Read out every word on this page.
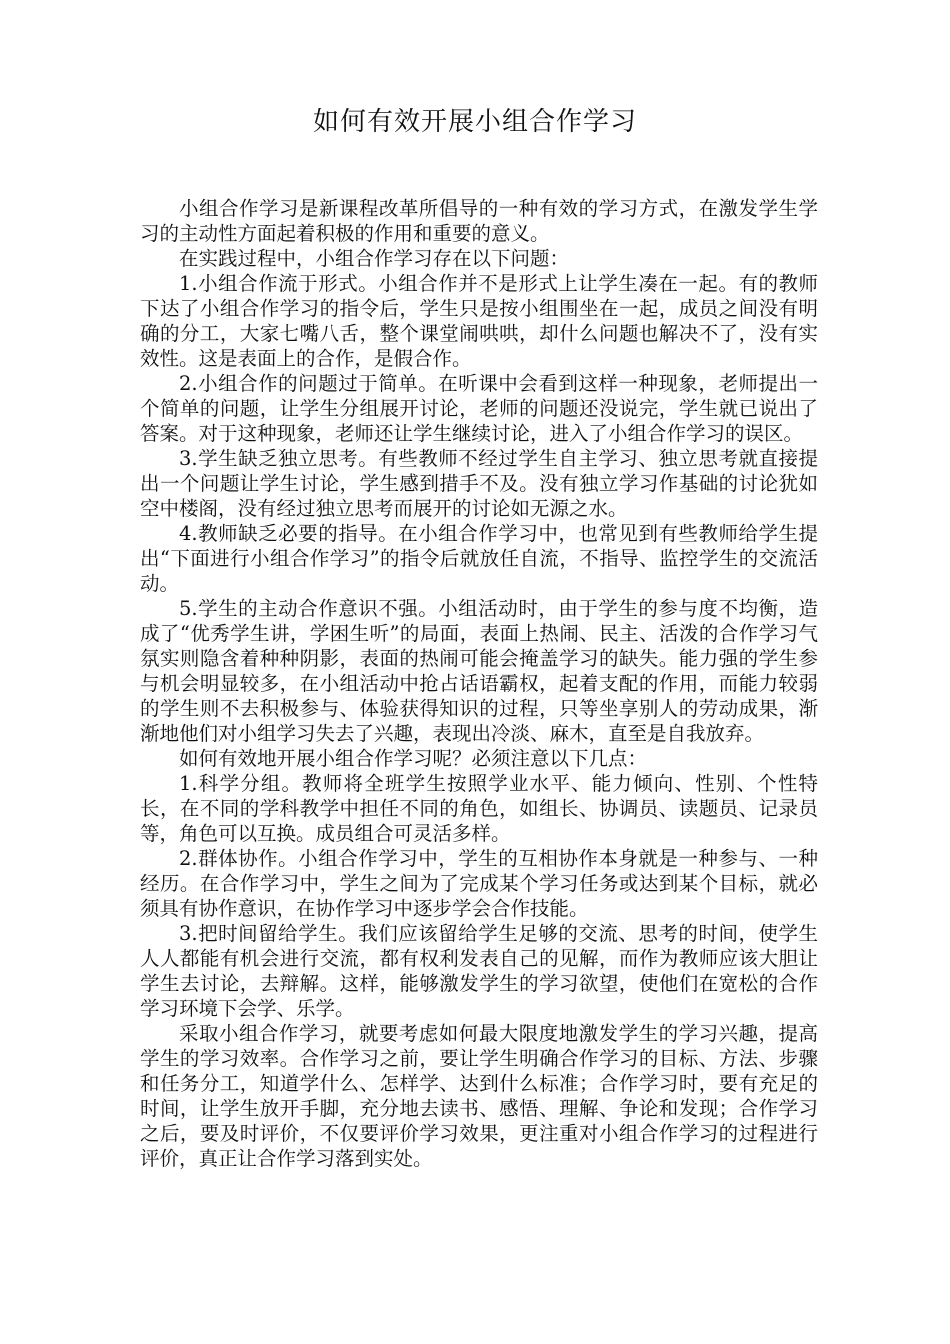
如何有效开展小组合作学习

小组合作学习是新课程改革所倡导的一种有效的学习方式，在激发学生学习的主动性方面起着积极的作用和重要的意义。

在实践过程中，小组合作学习存在以下问题：

1.小组合作流于形式。小组合作并不是形式上让学生凑在一起。有的教师下达了小组合作学习的指令后，学生只是按小组围坐在一起，成员之间没有明确的分工，大家七嘴八舌，整个课堂闹哄哄，却什么问题也解决不了，没有实效性。这是表面上的合作，是假合作。

2.小组合作的问题过于简单。在听课中会看到这样一种现象，老师提出一个简单的问题，让学生分组展开讨论，老师的问题还没说完，学生就已说出了答案。对于这种现象，老师还让学生继续讨论，进入了小组合作学习的误区。

3.学生缺乏独立思考。有些教师不经过学生自主学习、独立思考就直接提出一个问题让学生讨论，学生感到措手不及。没有独立学习作基础的讨论犹如空中楼阁，没有经过独立思考而展开的讨论如无源之水。

4.教师缺乏必要的指导。在小组合作学习中，也常见到有些教师给学生提出“下面进行小组合作学习”的指令后就放任自流，不指导、监控学生的交流活动。

5.学生的主动合作意识不强。小组活动时，由于学生的参与度不均衡，造成了“优秀学生讲，学困生听”的局面，表面上热闹、民主、活泼的合作学习气氛实则隐含着种种阴影，表面的热闹可能会掩盖学习的缺失。能力强的学生参与机会明显较多，在小组活动中抢占话语霸权，起着支配的作用，而能力较弱的学生则不去积极参与、体验获得知识的过程，只等坐享别人的劳动成果，渐渐地他们对小组学习失去了兴趣，表现出冷淡、麻木，直至是自我放弃。

如何有效地开展小组合作学习呢？必须注意以下几点：

1.科学分组。教师将全班学生按照学业水平、能力倾向、性别、个性特长，在不同的学科教学中担任不同的角色，如组长、协调员、读题员、记录员等，角色可以互换。成员组合可灵活多样。

2.群体协作。小组合作学习中，学生的互相协作本身就是一种参与、一种经历。在合作学习中，学生之间为了完成某个学习任务或达到某个目标，就必须具有协作意识，在协作学习中逐步学会合作技能。

3.把时间留给学生。我们应该留给学生足够的交流、思考的时间，使学生人人都能有机会进行交流，都有权利发表自己的见解，而作为教师应该大胆让学生去讨论，去辩解。这样，能够激发学生的学习欲望，使他们在宽松的合作学习环境下会学、乐学。

采取小组合作学习，就要考虑如何最大限度地激发学生的学习兴趣，提高学生的学习效率。合作学习之前，要让学生明确合作学习的目标、方法、步骤和任务分工，知道学什么、怎样学、达到什么标准；合作学习时，要有充足的时间，让学生放开手脚，充分地去读书、感悟、理解、争论和发现；合作学习之后，要及时评价，不仅要评价学习效果，更注重对小组合作学习的过程进行评价，真正让合作学习落到实处。
